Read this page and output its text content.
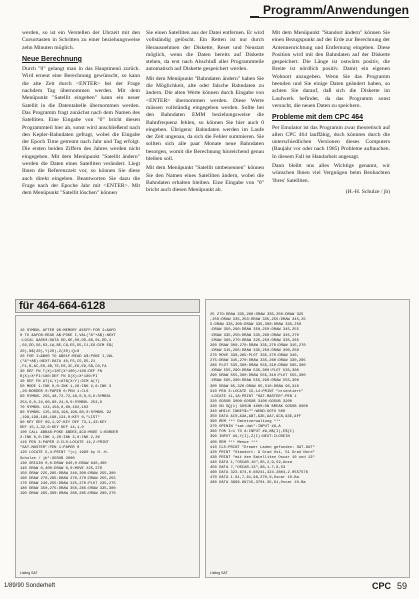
Programm/Anwendungen

werden, so ist ein Verstellen der Uhrzeit mit den Cursortasten in Schritten zu einer beziehungsweise zehn Minuten möglich.

Neue Berechnung

Durch "0" gelangt man in das Hauptmenü zurück. Wird erneut eine Berechnung gewünscht, so kann die alte Zeit durch <ENTER> bei der Frage nachdem Tag übernommen werden. Mit dem Menüpunkt "Satellit eingeben" kann ein neuer Satellit in die Datentabelle übernommen werden. Das Programm fragt zunächst nach dem Namen des Satelliten. Eine Eingabe von "0" bricht diesen Programmteil hier ab, sonst wird anschließend nach den Kepler-Bahndaten gefragt, wobei die Eingabe der Epoch Time getrennt nach Jahr und Tag erfolgt. Die ersten beiden Ziffern des Jahres werden nicht eingegeben. Mit dem Menüpunkt "Satellit ändern" werden die Daten eines Satelliten verändert. Liegt Ihnen die Referenzzeit vor, so können Sie diese auch direkt eingeben. Beantworten Sie dazu die Frage nach der Epoche Jahr mit <ENTER>. Mit dem Menüpunkt "Satellit löschen" können

Sie einen Satelliten aus der Datei entfernen. Er wird vollständig gelöscht. Ein Retten ist nur durch Herausnehmen der Diskette, Reset und Neustart möglich, wenn die Daten bereits auf Diskette stehen, da erst nach Abschluß aller Programmteile automatisch auf Diskette gespeichert werden.

Mit dem Menüpunkt "Bahndaten ändern" haben Sie die Möglichkeit, alte oder falsche Bahndaten zu ändern. Die alten Werte können durch Eingabe von <ENTER> übernommen werden. Diese Werte müssen vollständig eingegeben werden. Sollte bei den Bahndaten EMM beziehungsweise die Bahnfrequenz fehlen, so können Sie hier auch 0 eingeben. Übrigens: Bahndaten werden im Laufe der Zeit ungenau, da sich die Fehler summieren. Sie sollten sich alle paar Monate neue Bahndaten besorgen, womit die Berechnung hinreichend genau bleiben soll.

Mit dem Menüpunkt "Satellit umbenennen" können Sie den Namen eines Satelliten ändern, wobei die Bahndaten erhalten bleiben. Eine Eingabe von "0" bricht auch diesen Menüpunkt ab.

Mit dem Menüpunkt "Standort ändern" können Sie einen Bezugspunkt auf der Erde zur Berechnung der Antennenrichtung und Entfernung eingeben. Diese Position wird mit den Bahndaten auf der Diskette gespeichert. Die Länge ist ostwärts positiv, die Breite ist nördlich positiv. Damit ein eigenen Wohnort anzugeben. Wenn Sie das Programm beenden und Sie einige Daten geändert haben, so achten Sie darauf, daß sich die Diskette im Laufwerk befindet, da das Programm sonst versucht, die neuen Daten zu speichern.

Probleme mit dem CPC 464

Per Emulator ist das Programm zwar theoretisch auf allen CPC 464 lauffähig, doch könnten durch die unterschiedlichen Versionen dieses Computers (Baujahr vor oder nach 1985) Probleme auftauchen. In diesem Fall ist Handarbeit angesagt.

Dann bleibt uns alles Wichtige genannt, wir wünschen Ihnen viel Vergnügen beim Beobachten 'Ihres' Satelliten.

(H.-H. Schulze / jb)
für 464-664-6128

10 SYMBOL AFTER 90:MEMORY &55FF:FOR I=&AFD
0 TO &AFD8:READ A$:POKE I,VAL("&"+A$):NEXT
:LOCAL &A050:DATA DD,6E,00,DD,66,01,DD,4
,02,DD,56,03,1A,BE,C8,E5,D5,C1,E9:DIM E$(
20),N$(20),Y(20),Z(20):Q=0
20 FOR I=&B00 TO &B01F:READ A$:POKE I,VAL
("&"+A$):NEXT:DATA 40,F5,C5,D5,21
,F1,B,8C,ED,4B,7E,E6,3C,ED,ED,5B,C0,FA
30 DEF FN T(X)=INT(X*100)/100:DEF FN
R(X)=X*PI/180:DEF FN D(X)=X*180/PI
40 DEF FN AT(X,Y)=ATN(X/Y):DIM A(7)
50 MODE 1:INK 0,0:INK 1,26:INK 2,6:INK 3
,20:BORDER 0:PAPER 0:PEN 1:CLS
60 SYMBOL 255,48,72,72,48,0,0,0,0:SYMBOL
254,0,0,24,60,60,24,0,0:SYMBOL 253,0
70 SYMBOL 124,158,0,60,102,102
80 SYMBOL 125,158,198,198,60,0:SYMBOL 92
,198,198,198,198,124,0:KEY 0,"LIST"
90 KEY DEF 69,1,97:KEY DEF 73,1,43:KEY
DEF 15,1,32,0:KEY DEF 14,1,0
100 CALL &BB48:POKE &BDEE,&C9:MODE 1:BORDER
2:INK 0,0:INK 1,20:INK 3,0:INK 2,26
110 PEN 3:PAPER 2:CLS:LOCATE 14,2:PRINT
"SAT-MASTER":PEN 1:PAPER 0
120 LOCATE 5,4:PRINT "(c) 1990 by H.-H.
Schulze / jb":GOSUB 2000
130 ORIGIN 0,0:DRAW 640,0:DRAW 640,400
140 DRAW 0,400:DRAW 0,0:MOVE 225,270
150 DRAW 225,285:DRAW 240,300:DRAW 255,300
160 DRAW 270,285:DRAW 270,270:DRAW 255,255
170 DRAW 240,255:DRAW 225,270:PLOT 235,275
180 DRAW 350,275:DRAW 350,285:DRAW 335,300
190 DRAW 295,300:DRAW 280,285:DRAW 280,270

Listing SAT

25 270:DRAW 335,260:DRAW 335,250:DRAW 325
,250:DRAW 335,250:DRAW 335,255:DRAW 345,25
5:DRAW 335,300:DRAW 335,300:DRAW 335,250
:DRAW 350,260:DRAW 350,250:DRAW 345,255
:DRAW 335,250:DRAW 335,260:DRAW 345,270
:DRAW 360,270:DRAW 325,250:DRAW 335,265
260 DRAW 300,270:DRAW 335,270:DRAW 315,270
:DRAW 315,265:DRAW 335,250:DRAW 300,250
270 MOVE 330,265:PLOT 335,270:DRAW 340,
275:DRAW 345,270:DRAW 335,260:DRAW 330,265
280 PLOT 535,300:DRAW 555,310:DRAW 565,300
:DRAW 555,290:DRAW 535,300:PLOT 535,300
290 DRAW 555,300:DRAW 555,310:PLOT 555,300
:DRAW 565,300:DRAW 555,290:DRAW 555,300
300 DRAW 65,320:DRAW 65,310:DRAW 90,310
310 PEN 3:LOCATE 15,14:PRINT "orientiert"
:LOCATE 11,18:PRINT "SAT-MASTER":PEN 1
320 GOSUB 3000:GOSUB 3100:GOSUB 3200
330 ON SQ(1) GOSUB 4000:ON BREAK GOSUB 9000
340 WHILE INKEY$="":WEND:GOTO 500
350 DATA &C0,&3A,&B7,&3E,&A7,&C8,&3E,&FF
360 REM *** Dateiverwaltung ***
370 OPENIN "sat.dat":INPUT #9,A
380 FOR I=1 TO A:INPUT #9,N$(I),E$(I)
390 INPUT #9,Y(I),Z(I):NEXT:CLOSEIN
400 REM *** Menue ***
410 CLS:PRINT "Drewer Laden gefunden: SAT.DAT"
420 PRINT "Standort: 9 Grad Ost, 51 Grad Nord"
430 PRINT "mit den Satelliten Oscar 10 und 13"
440 DATA 1,"OSCAR-10",85,2,9,52,Anza
450 DATA 7,"OSCAR-13",88,1,7,8,53
460 DATA 323.674,0.60241,324.2804,2.0557576
470 DATA 1.61,7,61,98,270,0,Oscar 10-Ba
480 DATA 3996.89715,3701.35,61,Oscar 10-Ba

Listing SAT

1/89/90 Sonderheft	CPC 59
